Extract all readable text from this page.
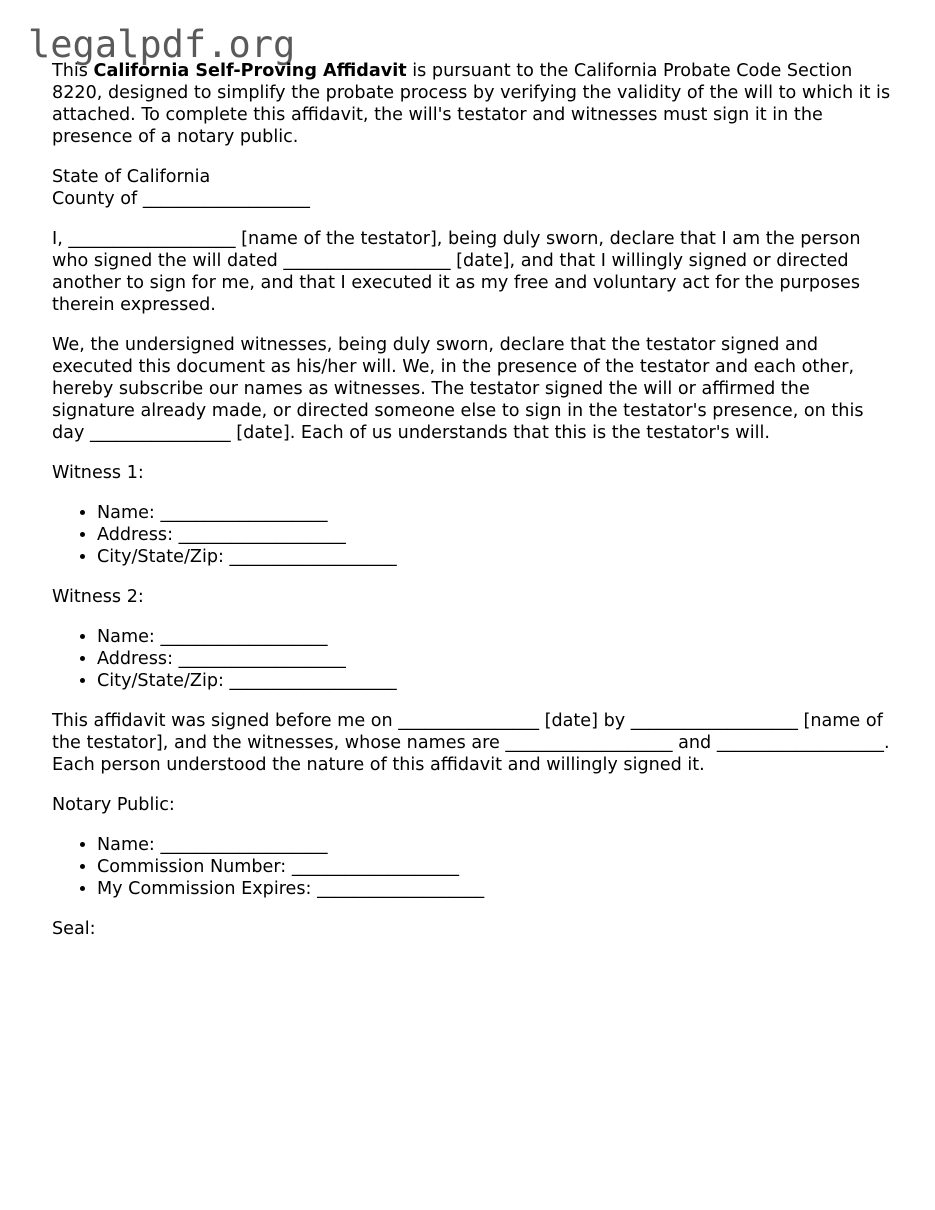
legalpdf.org

This California Self-Proving Affidavit is pursuant to the California Probate Code Section 8220, designed to simplify the probate process by verifying the validity of the will to which it is attached. To complete this affidavit, the will's testator and witnesses must sign it in the presence of a notary public.

State of California
County of ___________________

I, ___________________ [name of the testator], being duly sworn, declare that I am the person who signed the will dated ___________________ [date], and that I willingly signed or directed another to sign for me, and that I executed it as my free and voluntary act for the purposes therein expressed.

We, the undersigned witnesses, being duly sworn, declare that the testator signed and executed this document as his/her will. We, in the presence of the testator and each other, hereby subscribe our names as witnesses. The testator signed the will or affirmed the signature already made, or directed someone else to sign in the testator's presence, on this day ________________ [date]. Each of us understands that this is the testator's will.

Witness 1:

• Name: ___________________
• Address: ___________________
• City/State/Zip: ___________________

Witness 2:

• Name: ___________________
• Address: ___________________
• City/State/Zip: ___________________

This affidavit was signed before me on ________________ [date] by ___________________ [name of the testator], and the witnesses, whose names are ___________________ and ___________________. Each person understood the nature of this affidavit and willingly signed it.

Notary Public:

• Name: ___________________
• Commission Number: ___________________
• My Commission Expires: ___________________

Seal:
